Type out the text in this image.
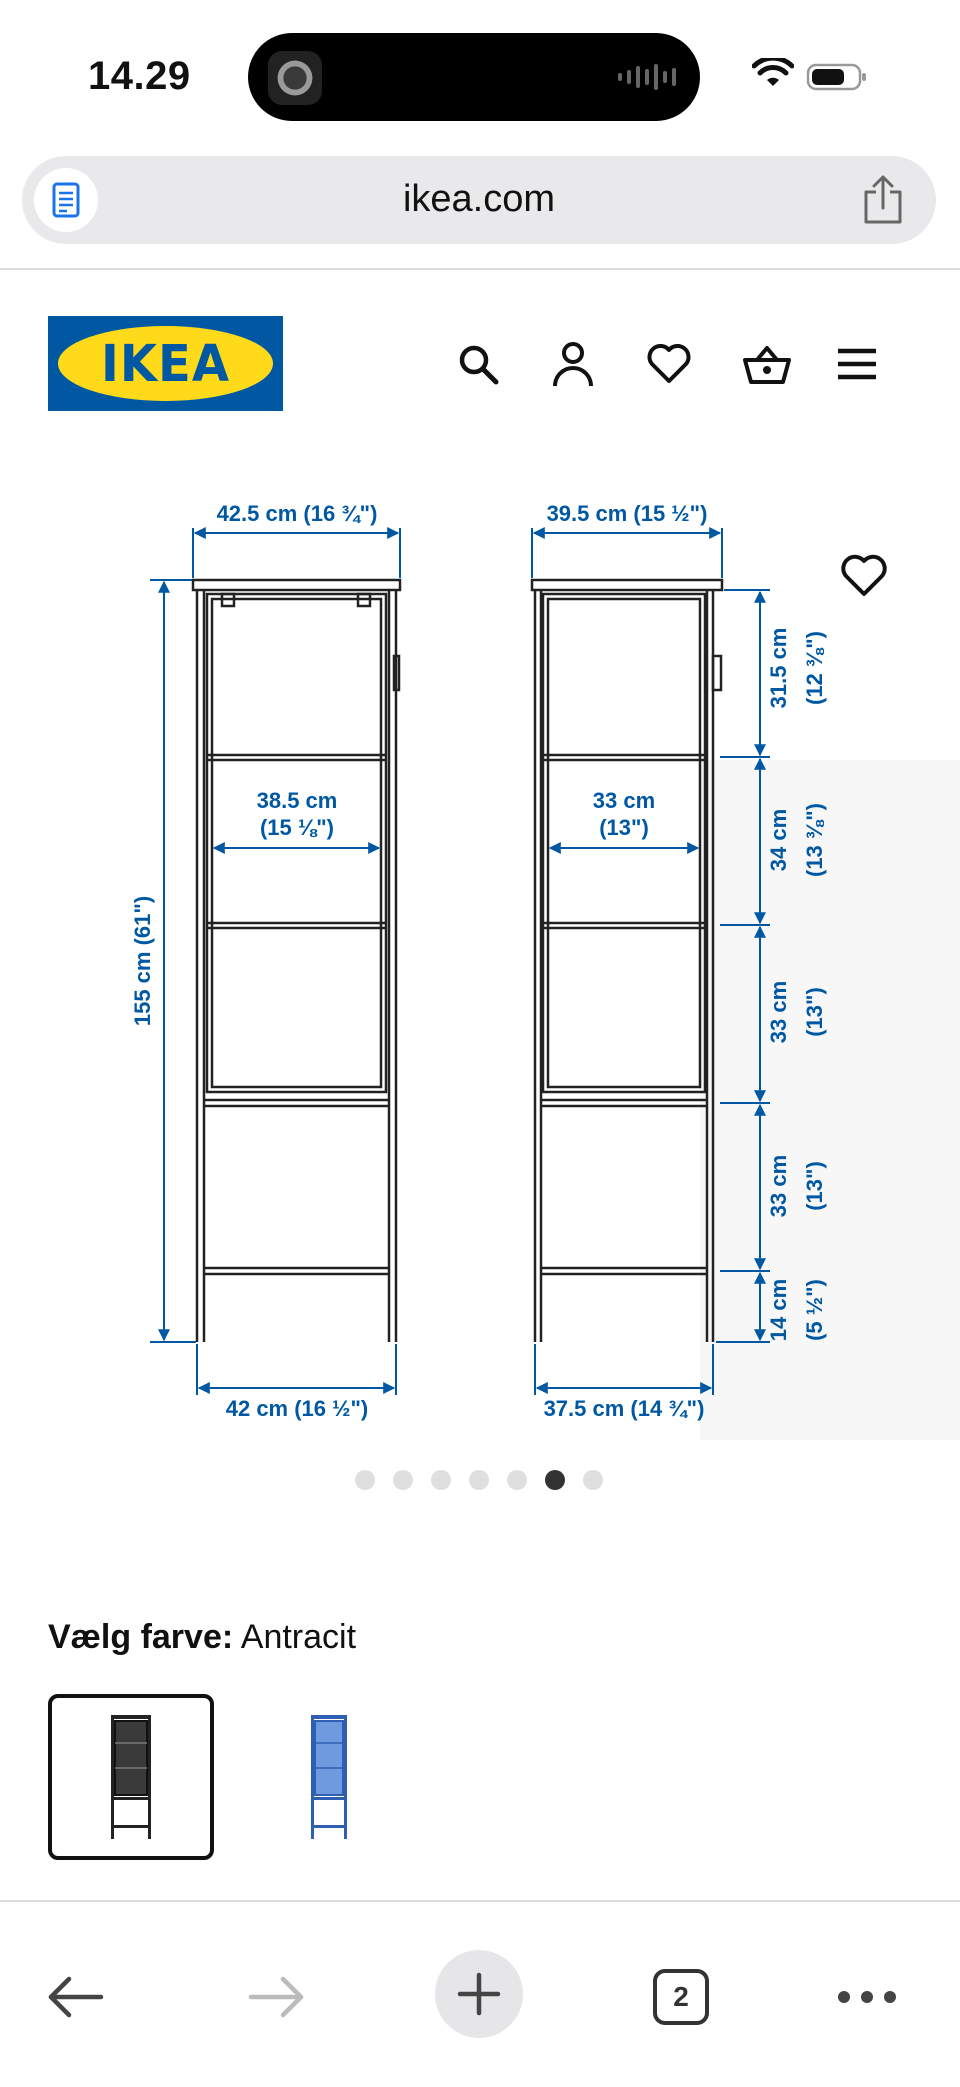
14.29
ikea.com
IKEA
42.5 cm (16 ¾")
38.5 cm
(15 ⅛")
155 cm (61")
42 cm (16 ½")
39.5 cm (15 ½")
33 cm
(13")
37.5 cm (14 ¾")
31.5 cm (12 ⅜")
34 cm (13 ⅜")
33 cm (13")
33 cm (13")
14 cm (5 ½")
Vælg farve: Antracit
2
